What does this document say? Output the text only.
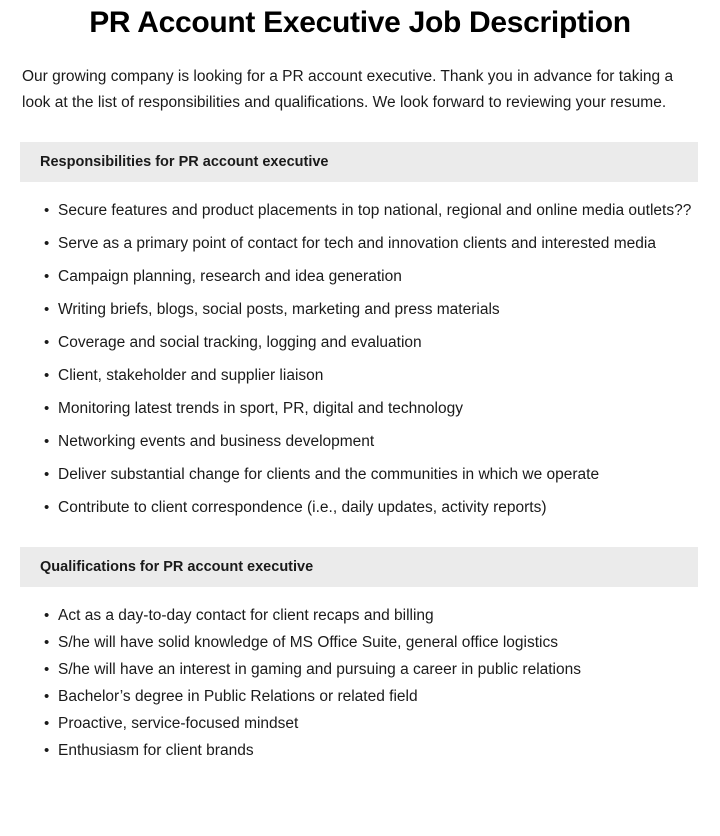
PR Account Executive Job Description

Our growing company is looking for a PR account executive. Thank you in advance for taking a look at the list of responsibilities and qualifications. We look forward to reviewing your resume.

Responsibilities for PR account executive
• Secure features and product placements in top national, regional and online media outlets??
• Serve as a primary point of contact for tech and innovation clients and interested media
• Campaign planning, research and idea generation
• Writing briefs, blogs, social posts, marketing and press materials
• Coverage and social tracking, logging and evaluation
• Client, stakeholder and supplier liaison
• Monitoring latest trends in sport, PR, digital and technology
• Networking events and business development
• Deliver substantial change for clients and the communities in which we operate
• Contribute to client correspondence (i.e., daily updates, activity reports)
Qualifications for PR account executive
• Act as a day-to-day contact for client recaps and billing
• S/he will have solid knowledge of MS Office Suite, general office logistics
• S/he will have an interest in gaming and pursuing a career in public relations
• Bachelor’s degree in Public Relations or related field
• Proactive, service-focused mindset
• Enthusiasm for client brands
